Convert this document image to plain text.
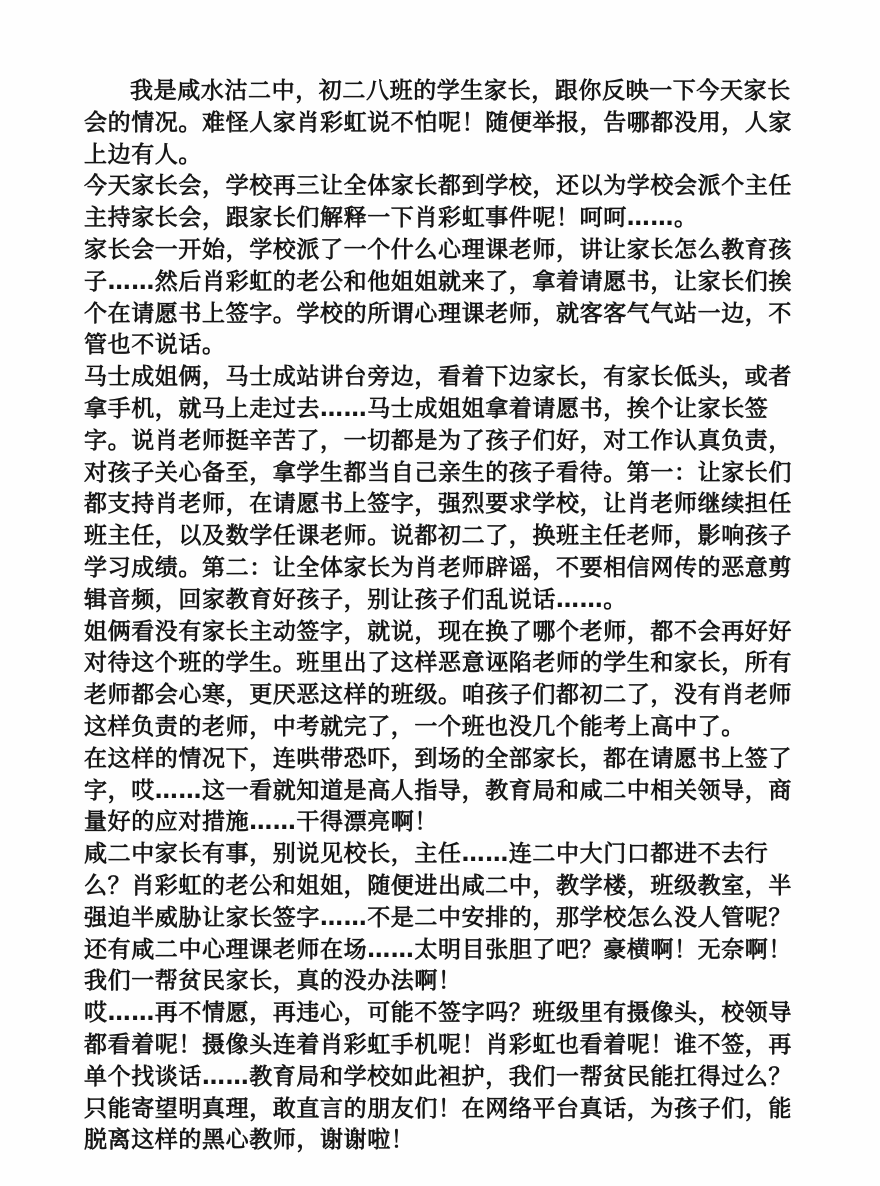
我是咸水沽二中，初二八班的学生家长，跟你反映一下今天家长会的情况。难怪人家肖彩虹说不怕呢！随便举报，告哪都没用，人家上边有人。

今天家长会，学校再三让全体家长都到学校，还以为学校会派个主任主持家长会，跟家长们解释一下肖彩虹事件呢！呵呵……。

家长会一开始，学校派了一个什么心理课老师，讲让家长怎么教育孩子……然后肖彩虹的老公和他姐姐就来了，拿着请愿书，让家长们挨个在请愿书上签字。学校的所谓心理课老师，就客客气气站一边，不管也不说话。

马士成姐俩，马士成站讲台旁边，看着下边家长，有家长低头，或者拿手机，就马上走过去……马士成姐姐拿着请愿书，挨个让家长签字。说肖老师挺辛苦了，一切都是为了孩子们好，对工作认真负责，对孩子关心备至，拿学生都当自己亲生的孩子看待。第一：让家长们都支持肖老师，在请愿书上签字，强烈要求学校，让肖老师继续担任班主任，以及数学任课老师。说都初二了，换班主任老师，影响孩子学习成绩。第二：让全体家长为肖老师辟谣，不要相信网传的恶意剪辑音频，回家教育好孩子，别让孩子们乱说话……。

姐俩看没有家长主动签字，就说，现在换了哪个老师，都不会再好好对待这个班的学生。班里出了这样恶意诬陷老师的学生和家长，所有老师都会心寒，更厌恶这样的班级。咱孩子们都初二了，没有肖老师这样负责的老师，中考就完了，一个班也没几个能考上高中了。

在这样的情况下，连哄带恐吓，到场的全部家长，都在请愿书上签了字，哎……这一看就知道是高人指导，教育局和咸二中相关领导，商量好的应对措施……干得漂亮啊！

咸二中家长有事，别说见校长，主任……连二中大门口都进不去行么？肖彩虹的老公和姐姐，随便进出咸二中，教学楼，班级教室，半强迫半威胁让家长签字……不是二中安排的，那学校怎么没人管呢？还有咸二中心理课老师在场……太明目张胆了吧？豪横啊！无奈啊！我们一帮贫民家长，真的没办法啊！

哎……再不情愿，再违心，可能不签字吗？班级里有摄像头，校领导都看着呢！摄像头连着肖彩虹手机呢！肖彩虹也看着呢！谁不签，再单个找谈话……教育局和学校如此袒护，我们一帮贫民能扛得过么？只能寄望明真理，敢直言的朋友们！在网络平台真话，为孩子们，能脱离这样的黑心教师，谢谢啦！
